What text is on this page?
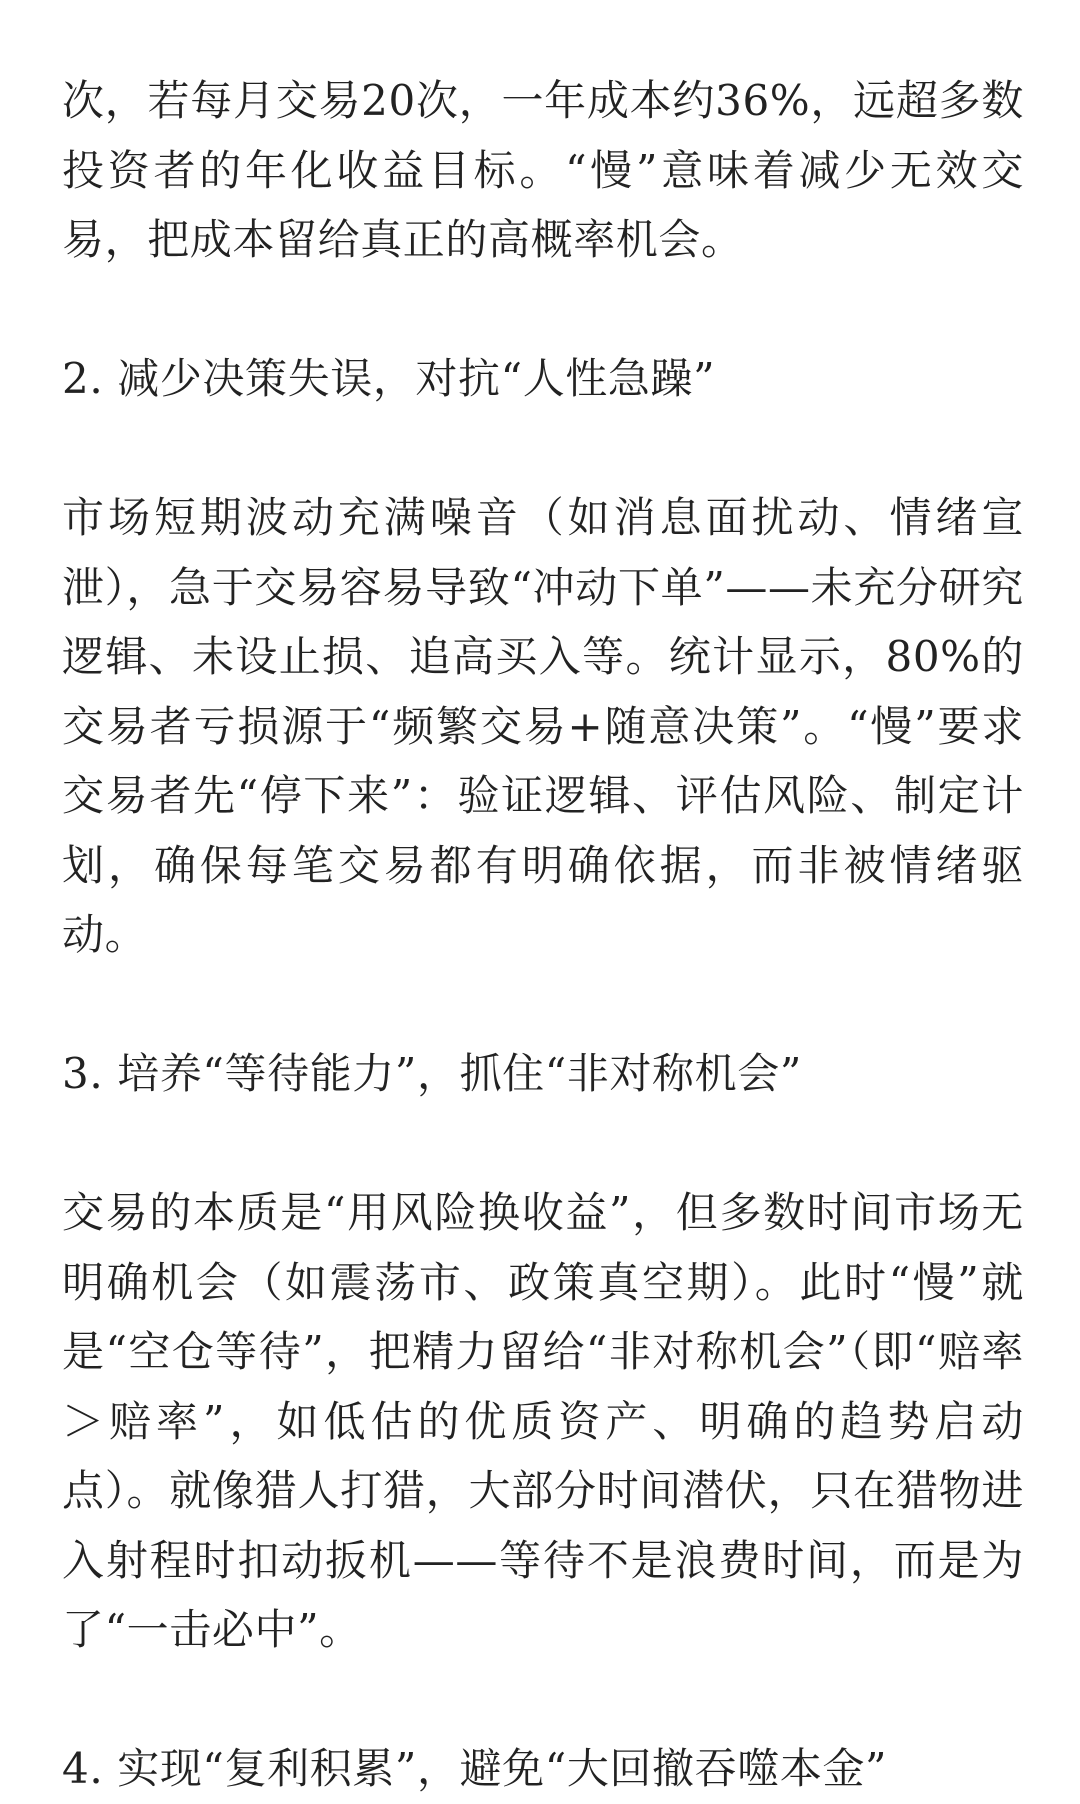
次，若每月交易20次，一年成本约36%，远超多数投资者的年化收益目标。“慢”意味着减少无效交易，把成本留给真正的高概率机会。

2. 减少决策失误，对抗“人性急躁”

市场短期波动充满噪音（如消息面扰动、情绪宣泄），急于交易容易导致“冲动下单”——未充分研究逻辑、未设止损、追高买入等。统计显示，80%的交易者亏损源于“频繁交易+随意决策”。“慢”要求交易者先“停下来”：验证逻辑、评估风险、制定计划，确保每笔交易都有明确依据，而非被情绪驱动。

3. 培养“等待能力”，抓住“非对称机会”

交易的本质是“用风险换收益”，但多数时间市场无明确机会（如震荡市、政策真空期）。此时“慢”就是“空仓等待”，把精力留给“非对称机会”（即“赔率＞赔率”，如低估的优质资产、明确的趋势启动点）。就像猎人打猎，大部分时间潜伏，只在猎物进入射程时扣动扳机——等待不是浪费时间，而是为了“一击必中”。

4. 实现“复利积累”，避免“大回撤吞噬本金”
